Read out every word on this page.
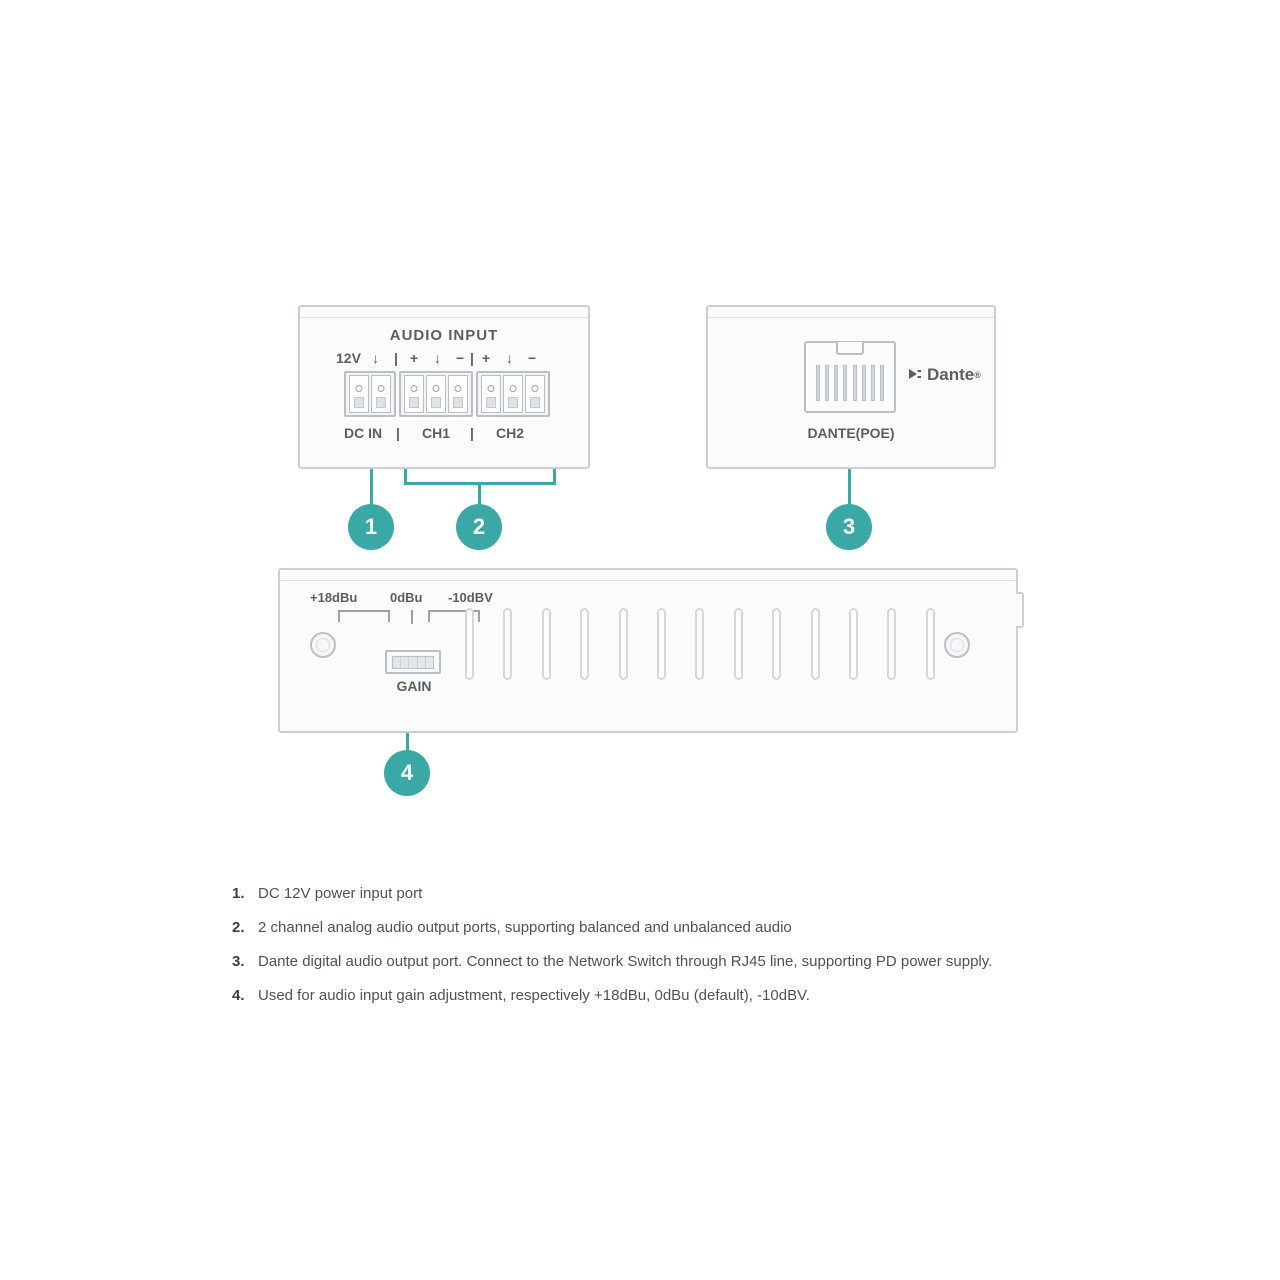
AUDIO INPUT
12V ↓ | + ↓ − | + ↓ −
DC IN | CH1 | CH2
1	2	3
4
Dante ®
DANTE(POE)
+18dBu	0dBu -10dBV
GAIN
1. DC 12V power input port
2. 2 channel analog audio output ports, supporting balanced and unbalanced audio
3. Dante digital audio output port. Connect to the Network Switch through RJ45 line, supporting PD power supply.
4. Used for audio input gain adjustment, respectively +18dBu, 0dBu (default), -10dBV.
